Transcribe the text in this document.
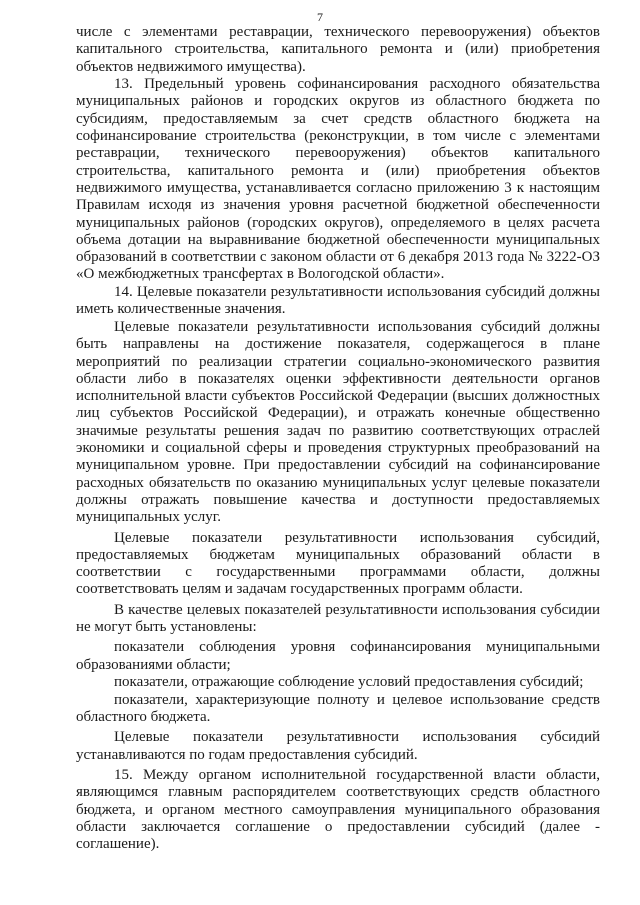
7

числе с элементами реставрации, технического перевооружения) объектов капитального строительства, капитального ремонта и (или) приобретения объектов недвижимого имущества).

13. Предельный уровень софинансирования расходного обязательства муниципальных районов и городских округов из областного бюджета по субсидиям, предоставляемым за счет средств областного бюджета на софинансирование строительства (реконструкции, в том числе с элементами реставрации, технического перевооружения) объектов капитального строительства, капитального ремонта и (или) приобретения объектов недвижимого имущества, устанавливается согласно приложению 3 к настоящим Правилам исходя из значения уровня расчетной бюджетной обеспеченности муниципальных районов (городских округов), определяемого в целях расчета объема дотации на выравнивание бюджетной обеспеченности муниципальных образований в соответствии с законом области от 6 декабря 2013 года № 3222-ОЗ «О межбюджетных трансфертах в Вологодской области».

14. Целевые показатели результативности использования субсидий должны иметь количественные значения.

Целевые показатели результативности использования субсидий должны быть направлены на достижение показателя, содержащегося в плане мероприятий по реализации стратегии социально-экономического развития области либо в показателях оценки эффективности деятельности органов исполнительной власти субъектов Российской Федерации (высших должностных лиц субъектов Российской Федерации), и отражать конечные общественно значимые результаты решения задач по развитию соответствующих отраслей экономики и социальной сферы и проведения структурных преобразований на муниципальном уровне. При предоставлении субсидий на софинансирование расходных обязательств по оказанию муниципальных услуг целевые показатели должны отражать повышение качества и доступности предоставляемых муниципальных услуг.

Целевые показатели результативности использования субсидий, предоставляемых бюджетам муниципальных образований области в соответствии с государственными программами области, должны соответствовать целям и задачам государственных программ области.

В качестве целевых показателей результативности использования субсидии не могут быть установлены:

показатели соблюдения уровня софинансирования муниципальными образованиями области;

показатели, отражающие соблюдение условий предоставления субсидий;

показатели, характеризующие полноту и целевое использование средств областного бюджета.

Целевые показатели результативности использования субсидий устанавливаются по годам предоставления субсидий.

15. Между органом исполнительной государственной власти области, являющимся главным распорядителем соответствующих средств областного бюджета, и органом местного самоуправления муниципального образования области заключается соглашение о предоставлении субсидий (далее - соглашение).
